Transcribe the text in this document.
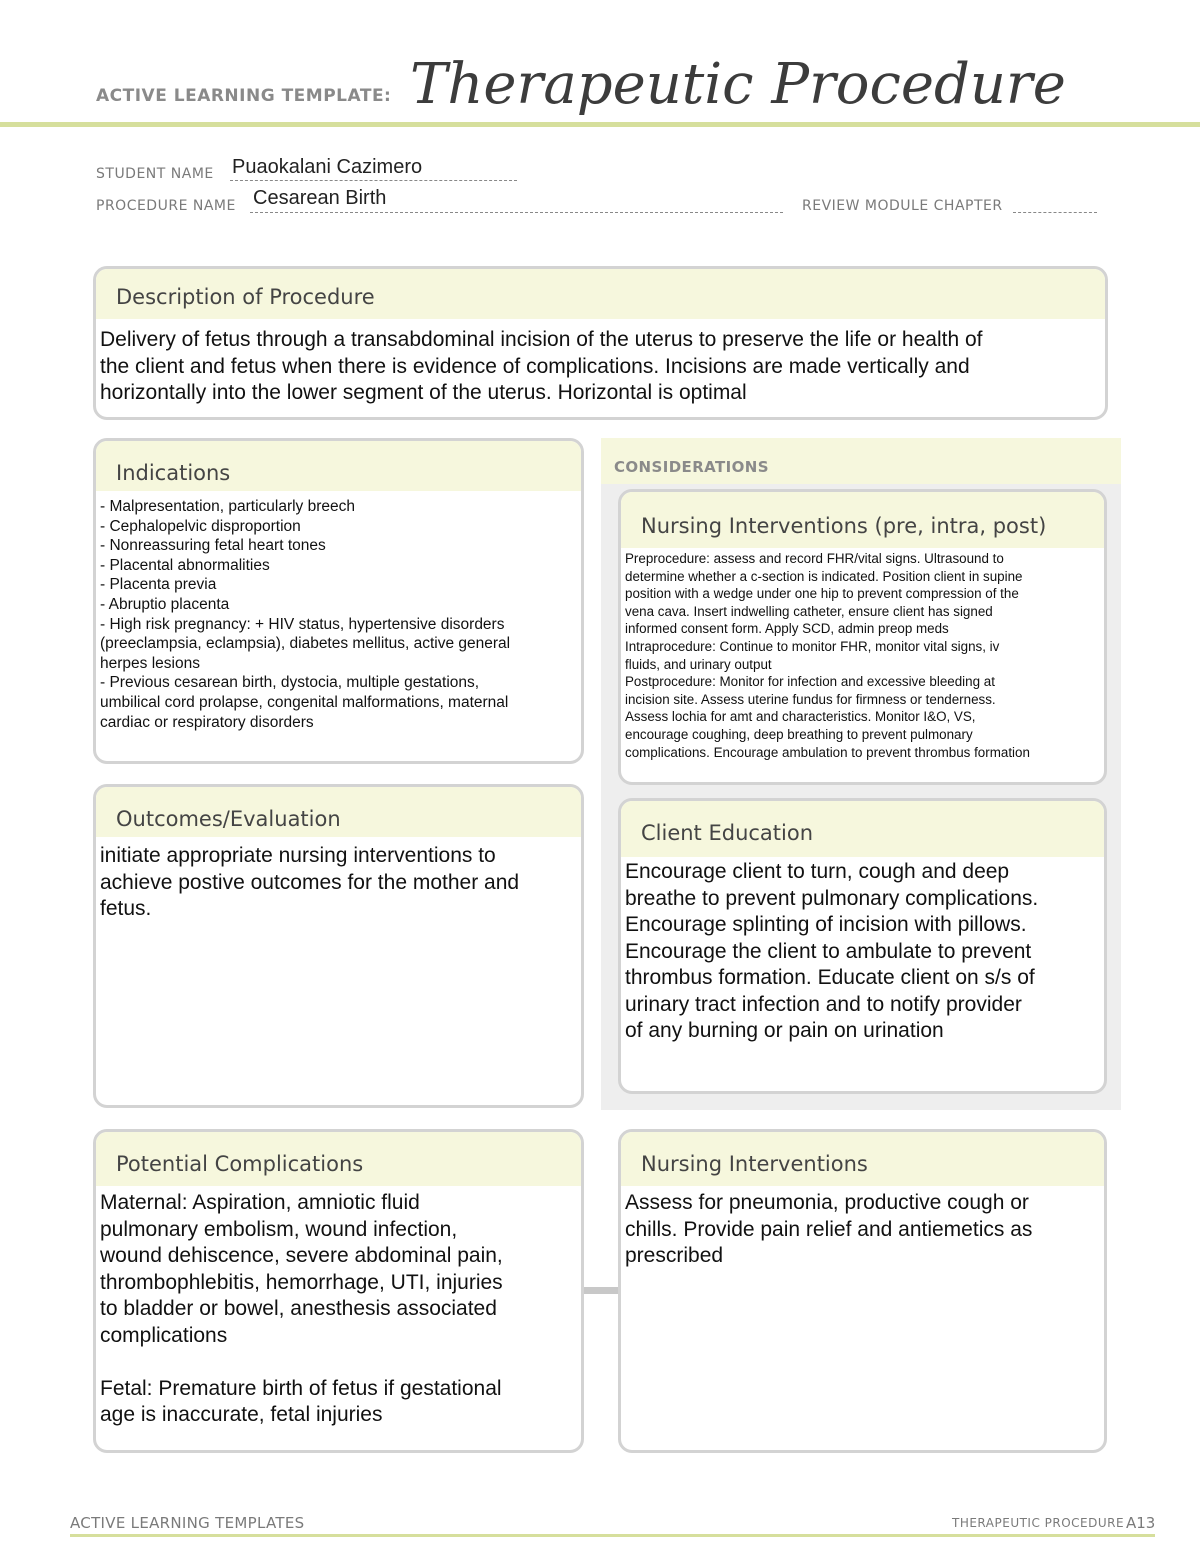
ACTIVE LEARNING TEMPLATE: Therapeutic Procedure
STUDENT NAME Puaokalani Cazimero
PROCEDURE NAME Cesarean Birth	REVIEW MODULE CHAPTER
Description of Procedure
Delivery of fetus through a transabdominal incision of the uterus to preserve the life or health of
the client and fetus when there is evidence of complications. Incisions are made vertically and
horizontally into the lower segment of the uterus. Horizontal is optimal
CONSIDERATIONS
Indications
- Malpresentation, particularly breech
- Cephalopelvic disproportion
- Nonreassuring fetal heart tones
- Placental abnormalities
- Placenta previa
- Abruptio placenta
- High risk pregnancy: + HIV status, hypertensive disorders
(preeclampsia, eclampsia), diabetes mellitus, active general
herpes lesions
- Previous cesarean birth, dystocia, multiple gestations,
umbilical cord prolapse, congenital malformations, maternal
cardiac or respiratory disorders
Nursing Interventions (pre, intra, post)
Preprocedure: assess and record FHR/vital signs. Ultrasound to
determine whether a c-section is indicated. Position client in supine
position with a wedge under one hip to prevent compression of the
vena cava. Insert indwelling catheter, ensure client has signed
informed consent form. Apply SCD, admin preop meds
Intraprocedure: Continue to monitor FHR, monitor vital signs, iv
fluids, and urinary output
Postprocedure: Monitor for infection and excessive bleeding at
incision site. Assess uterine fundus for firmness or tenderness.
Assess lochia for amt and characteristics. Monitor I&O, VS,
encourage coughing, deep breathing to prevent pulmonary
complications. Encourage ambulation to prevent thrombus formation
Outcomes/Evaluation
initiate appropriate nursing interventions to
achieve postive outcomes for the mother and
fetus.
Client Education
Encourage client to turn, cough and deep
breathe to prevent pulmonary complications.
Encourage splinting of incision with pillows.
Encourage the client to ambulate to prevent
thrombus formation. Educate client on s/s of
urinary tract infection and to notify provider
of any burning or pain on urination
Potential Complications
Maternal: Aspiration, amniotic fluid
pulmonary embolism, wound infection,
wound dehiscence, severe abdominal pain,
thrombophlebitis, hemorrhage, UTI, injuries
to bladder or bowel, anesthesis associated
complications
Fetal: Premature birth of fetus if gestational
age is inaccurate, fetal injuries
Nursing Interventions
Assess for pneumonia, productive cough or
chills. Provide pain relief and antiemetics as
prescribed
ACTIVE LEARNING TEMPLATES	THERAPEUTIC PROCEDURE A13
